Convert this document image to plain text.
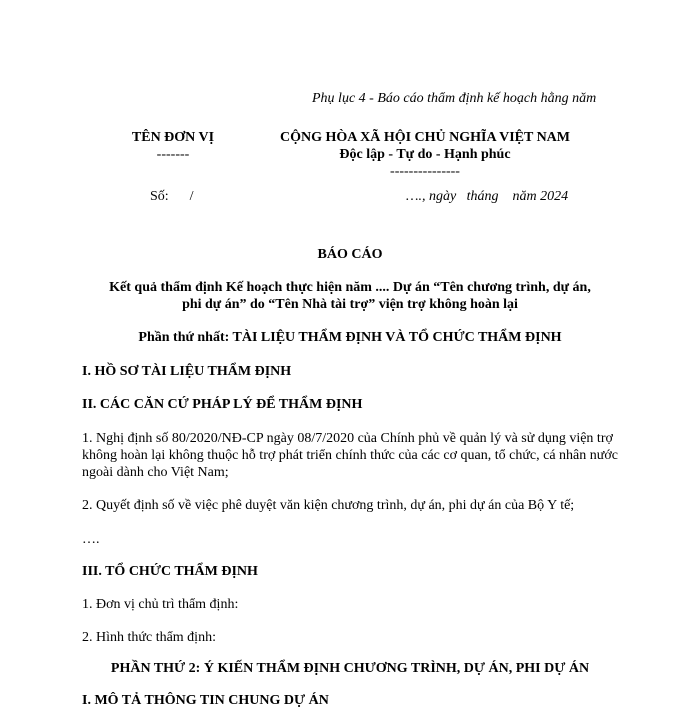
Phụ lục 4 - Báo cáo thẩm định kế hoạch hằng năm
TÊN ĐƠN VỊ
-------
CỘNG HÒA XÃ HỘI CHỦ NGHĨA VIỆT NAM
Độc lập - Tự do - Hạnh phúc
---------------
Số:      /	…., ngày   tháng    năm 2024
BÁO CÁO
Kết quả thẩm định Kế hoạch thực hiện năm .... Dự án “Tên chương trình, dự án,
phi dự án” do “Tên Nhà tài trợ” viện trợ không hoàn lại
Phần thứ nhất: TÀI LIỆU THẨM ĐỊNH VÀ TỔ CHỨC THẨM ĐỊNH
I. HỒ SƠ TÀI LIỆU THẨM ĐỊNH
II. CÁC CĂN CỨ PHÁP LÝ ĐỂ THẨM ĐỊNH
1. Nghị định số 80/2020/NĐ-CP ngày 08/7/2020 của Chính phủ về quản lý và sử dụng viện trợ không hoàn lại không thuộc hỗ trợ phát triển chính thức của các cơ quan, tổ chức, cá nhân nước ngoài dành cho Việt Nam;
2. Quyết định số về việc phê duyệt văn kiện chương trình, dự án, phi dự án của Bộ Y tế;
….
III. TỔ CHỨC THẨM ĐỊNH
1. Đơn vị chủ trì thẩm định:
2. Hình thức thẩm định:
PHẦN THỨ 2: Ý KIẾN THẨM ĐỊNH CHƯƠNG TRÌNH, DỰ ÁN, PHI DỰ ÁN
I. MÔ TẢ THÔNG TIN CHUNG DỰ ÁN
